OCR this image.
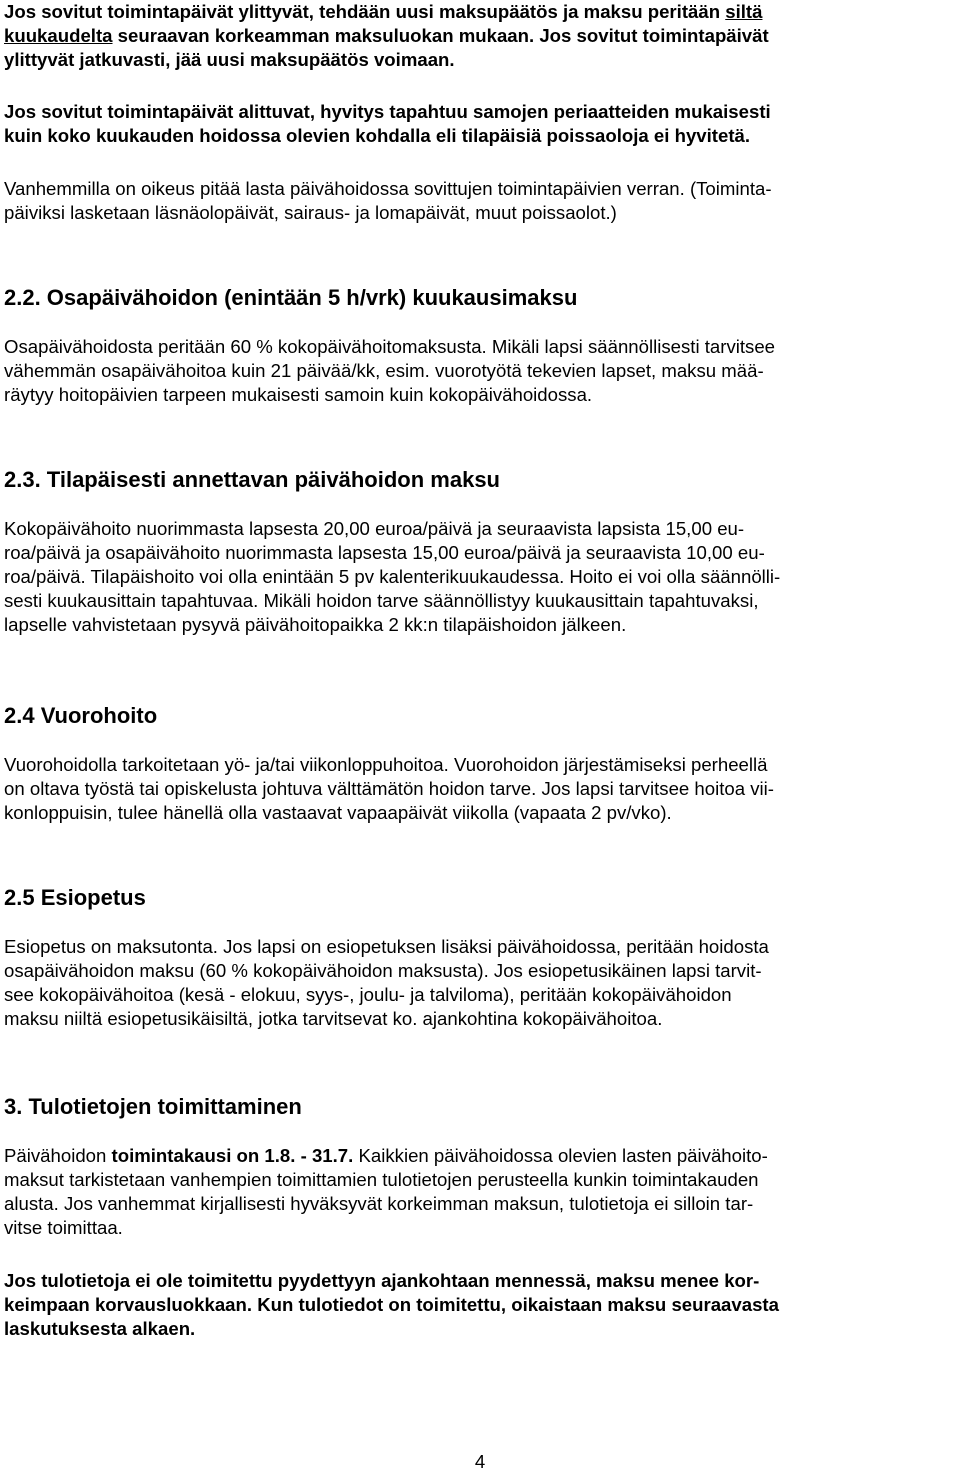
Jos sovitut toimintapäivät ylittyvät, tehdään uusi maksupäätös ja maksu peritään siltä
kuukaudelta seuraavan korkeamman maksuluokan mukaan. Jos sovitut toimintapäivät
ylittyvät jatkuvasti, jää uusi maksupäätös voimaan.
Jos sovitut toimintapäivät alittuvat, hyvitys tapahtuu samojen periaatteiden mukaisesti
kuin koko kuukauden hoidossa olevien kohdalla eli tilapäisiä poissaoloja ei hyvitetä.
Vanhemmilla on oikeus pitää lasta päivähoidossa sovittujen toimintapäivien verran. (Toiminta-
päiviksi lasketaan läsnäolopäivät, sairaus- ja lomapäivät, muut poissaolot.)
2.2. Osapäivähoidon (enintään 5 h/vrk) kuukausimaksu
Osapäivähoidosta peritään 60 % kokopäivähoitomaksusta. Mikäli lapsi säännöllisesti tarvitsee
vähemmän osapäivähoitoa kuin 21 päivää/kk, esim. vuorotyötä tekevien lapset, maksu mää-
räytyy hoitopäivien tarpeen mukaisesti samoin kuin kokopäivähoidossa.
2.3. Tilapäisesti annettavan päivähoidon maksu
Kokopäivähoito nuorimmasta lapsesta 20,00 euroa/päivä ja seuraavista lapsista 15,00 eu-
roa/päivä ja osapäivähoito nuorimmasta lapsesta 15,00 euroa/päivä ja seuraavista 10,00 eu-
roa/päivä. Tilapäishoito voi olla enintään 5 pv kalenterikuukaudessa. Hoito ei voi olla säännölli-
sesti kuukausittain tapahtuvaa. Mikäli hoidon tarve säännöllistyy kuukausittain tapahtuvaksi,
lapselle vahvistetaan pysyvä päivähoitopaikka 2 kk:n tilapäishoidon jälkeen.
2.4 Vuorohoito
Vuorohoidolla tarkoitetaan yö- ja/tai viikonloppuhoitoa. Vuorohoidon järjestämiseksi perheellä
on oltava työstä tai opiskelusta johtuva välttämätön hoidon tarve. Jos lapsi tarvitsee hoitoa vii-
konloppuisin, tulee hänellä olla vastaavat vapaapäivät viikolla (vapaata 2 pv/vko).
2.5 Esiopetus
Esiopetus on maksutonta. Jos lapsi on esiopetuksen lisäksi päivähoidossa, peritään hoidosta
osapäivähoidon maksu (60 % kokopäivähoidon maksusta). Jos esiopetusikäinen lapsi tarvit-
see kokopäivähoitoa (kesä - elokuu, syys-, joulu- ja talviloma), peritään kokopäivähoidon
maksu niiltä esiopetusikäisiltä, jotka tarvitsevat ko. ajankohtina kokopäivähoitoa.
3. Tulotietojen toimittaminen
Päivähoidon toimintakausi on 1.8. - 31.7. Kaikkien päivähoidossa olevien lasten päivähoito-
maksut tarkistetaan vanhempien toimittamien tulotietojen perusteella kunkin toimintakauden
alusta. Jos vanhemmat kirjallisesti hyväksyvät korkeimman maksun, tulotietoja ei silloin tar-
vitse toimittaa.
Jos tulotietoja ei ole toimitettu pyydettyyn ajankohtaan mennessä, maksu menee kor-
keimpaan korvausluokkaan. Kun tulotiedot on toimitettu, oikaistaan maksu seuraavasta
laskutuksesta alkaen.
4
